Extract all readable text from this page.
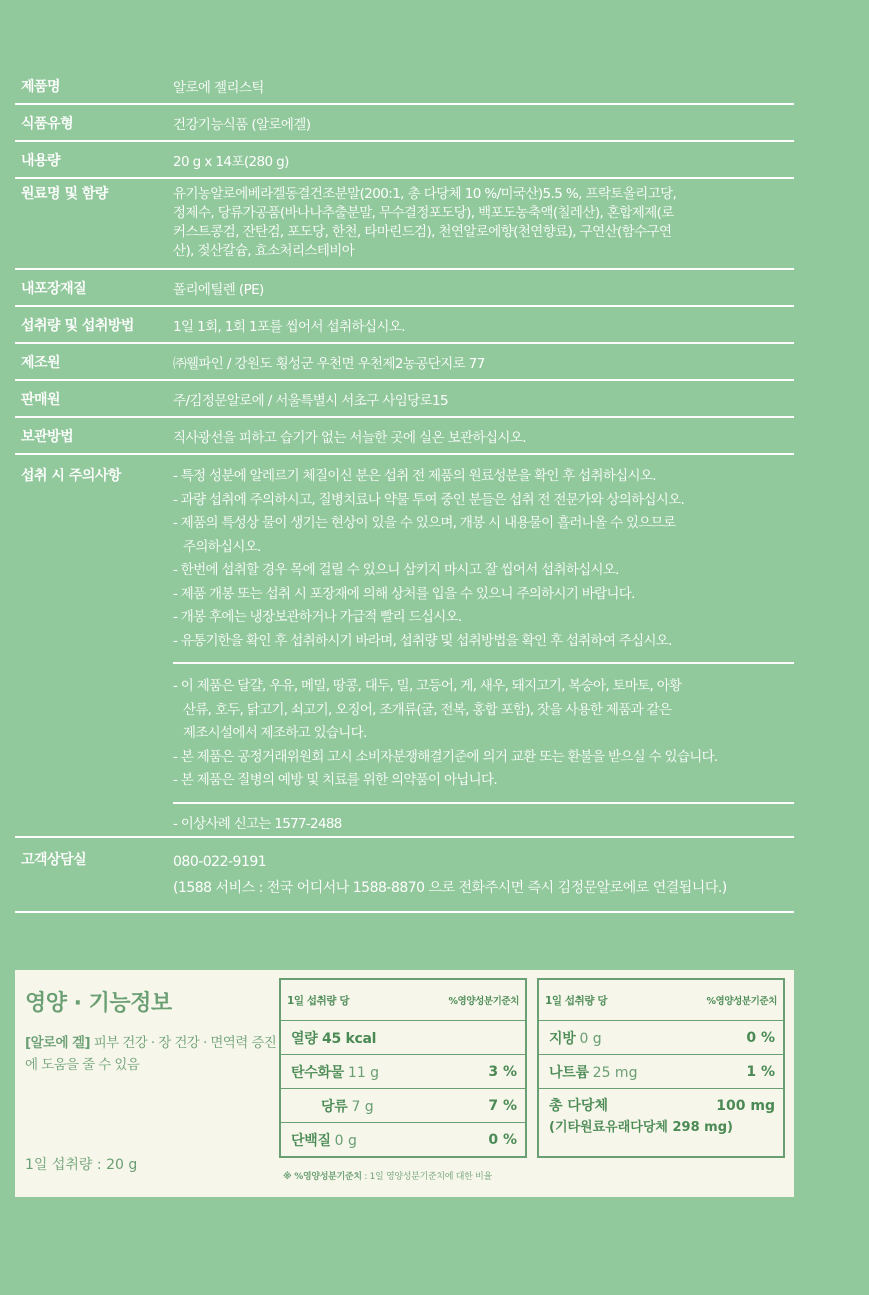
제품명	알로에 젤리스틱
식품유형	건강기능식품 (알로에겔)
내용량	20 g x 14포(280 g)
원료명 및 함량	유기농알로에베라겔동결건조분말(200:1, 총 다당체 10 %/미국산)5.5 %, 프락토올리고당,
정제수, 당류가공품(바나나추출분말, 무수결정포도당), 백포도농축액(칠레산), 혼합제제(로
커스트콩검, 잔탄검, 포도당, 한천, 타마린드검), 천연알로에향(천연향료), 구연산(함수구연
산), 젖산칼슘, 효소처리스테비아
내포장재질	폴리에틸렌 (PE)
섭취량 및 섭취방법	1일 1회, 1회 1포를 씹어서 섭취하십시오.
제조원	㈜웰파인 / 강원도 횡성군 우천면 우천제2농공단지로 77
판매원	주/김정문알로에 / 서울특별시 서초구 사임당로15
보관방법	직사광선을 피하고 습기가 없는 서늘한 곳에 실온 보관하십시오.
섭취 시 주의사항	- 특정 성분에 알레르기 체질이신 분은 섭취 전 제품의 원료성분을 확인 후 섭취하십시오.
- 과량 섭취에 주의하시고, 질병치료나 약물 투여 중인 분들은 섭취 전 전문가와 상의하십시오.
- 제품의 특성상 물이 생기는 현상이 있을 수 있으며, 개봉 시 내용물이 흘러나올 수 있으므로
주의하십시오.
- 한번에 섭취할 경우 목에 걸릴 수 있으니 삼키지 마시고 잘 씹어서 섭취하십시오.
- 제품 개봉 또는 섭취 시 포장재에 의해 상처를 입을 수 있으니 주의하시기 바랍니다.
- 개봉 후에는 냉장보관하거나 가급적 빨리 드십시오.
- 유통기한을 확인 후 섭취하시기 바라며, 섭취량 및 섭취방법을 확인 후 섭취하여 주십시오.
- 이 제품은 달걀, 우유, 메밀, 땅콩, 대두, 밀, 고등어, 게, 새우, 돼지고기, 복숭아, 토마토, 아황
산류, 호두, 닭고기, 쇠고기, 오징어, 조개류(굴, 전복, 홍합 포함), 잣을 사용한 제품과 같은
제조시설에서 제조하고 있습니다.
- 본 제품은 공정거래위원회 고시 소비자분쟁해결기준에 의거 교환 또는 환불을 받으실 수 있습니다.
- 본 제품은 질병의 예방 및 치료를 위한 의약품이 아닙니다.
- 이상사례 신고는 1577-2488
고객상담실	080-022-9191
(1588 서비스 : 전국 어디서나 1588-8870 으로 전화주시면 즉시 김정문알로에로 연결됩니다.)
영양 · 기능정보
[알로에 겔] 피부 건강 · 장 건강 · 면역력 증진에 도움을 줄 수 있음
1일 섭취량 : 20 g
1일 섭취량 당	%영양성분기준치
열량 45 kcal
탄수화물 11 g	3 %
당류 7 g	7 %
단백질 0 g	0 %
1일 섭취량 당	%영양성분기준치
지방 0 g	0 %
나트륨 25 mg	1 %
총 다당체	100 mg
(기타원료유래다당체 298 mg)
※ %영양성분기준치 : 1일 영양성분기준치에 대한 비율
